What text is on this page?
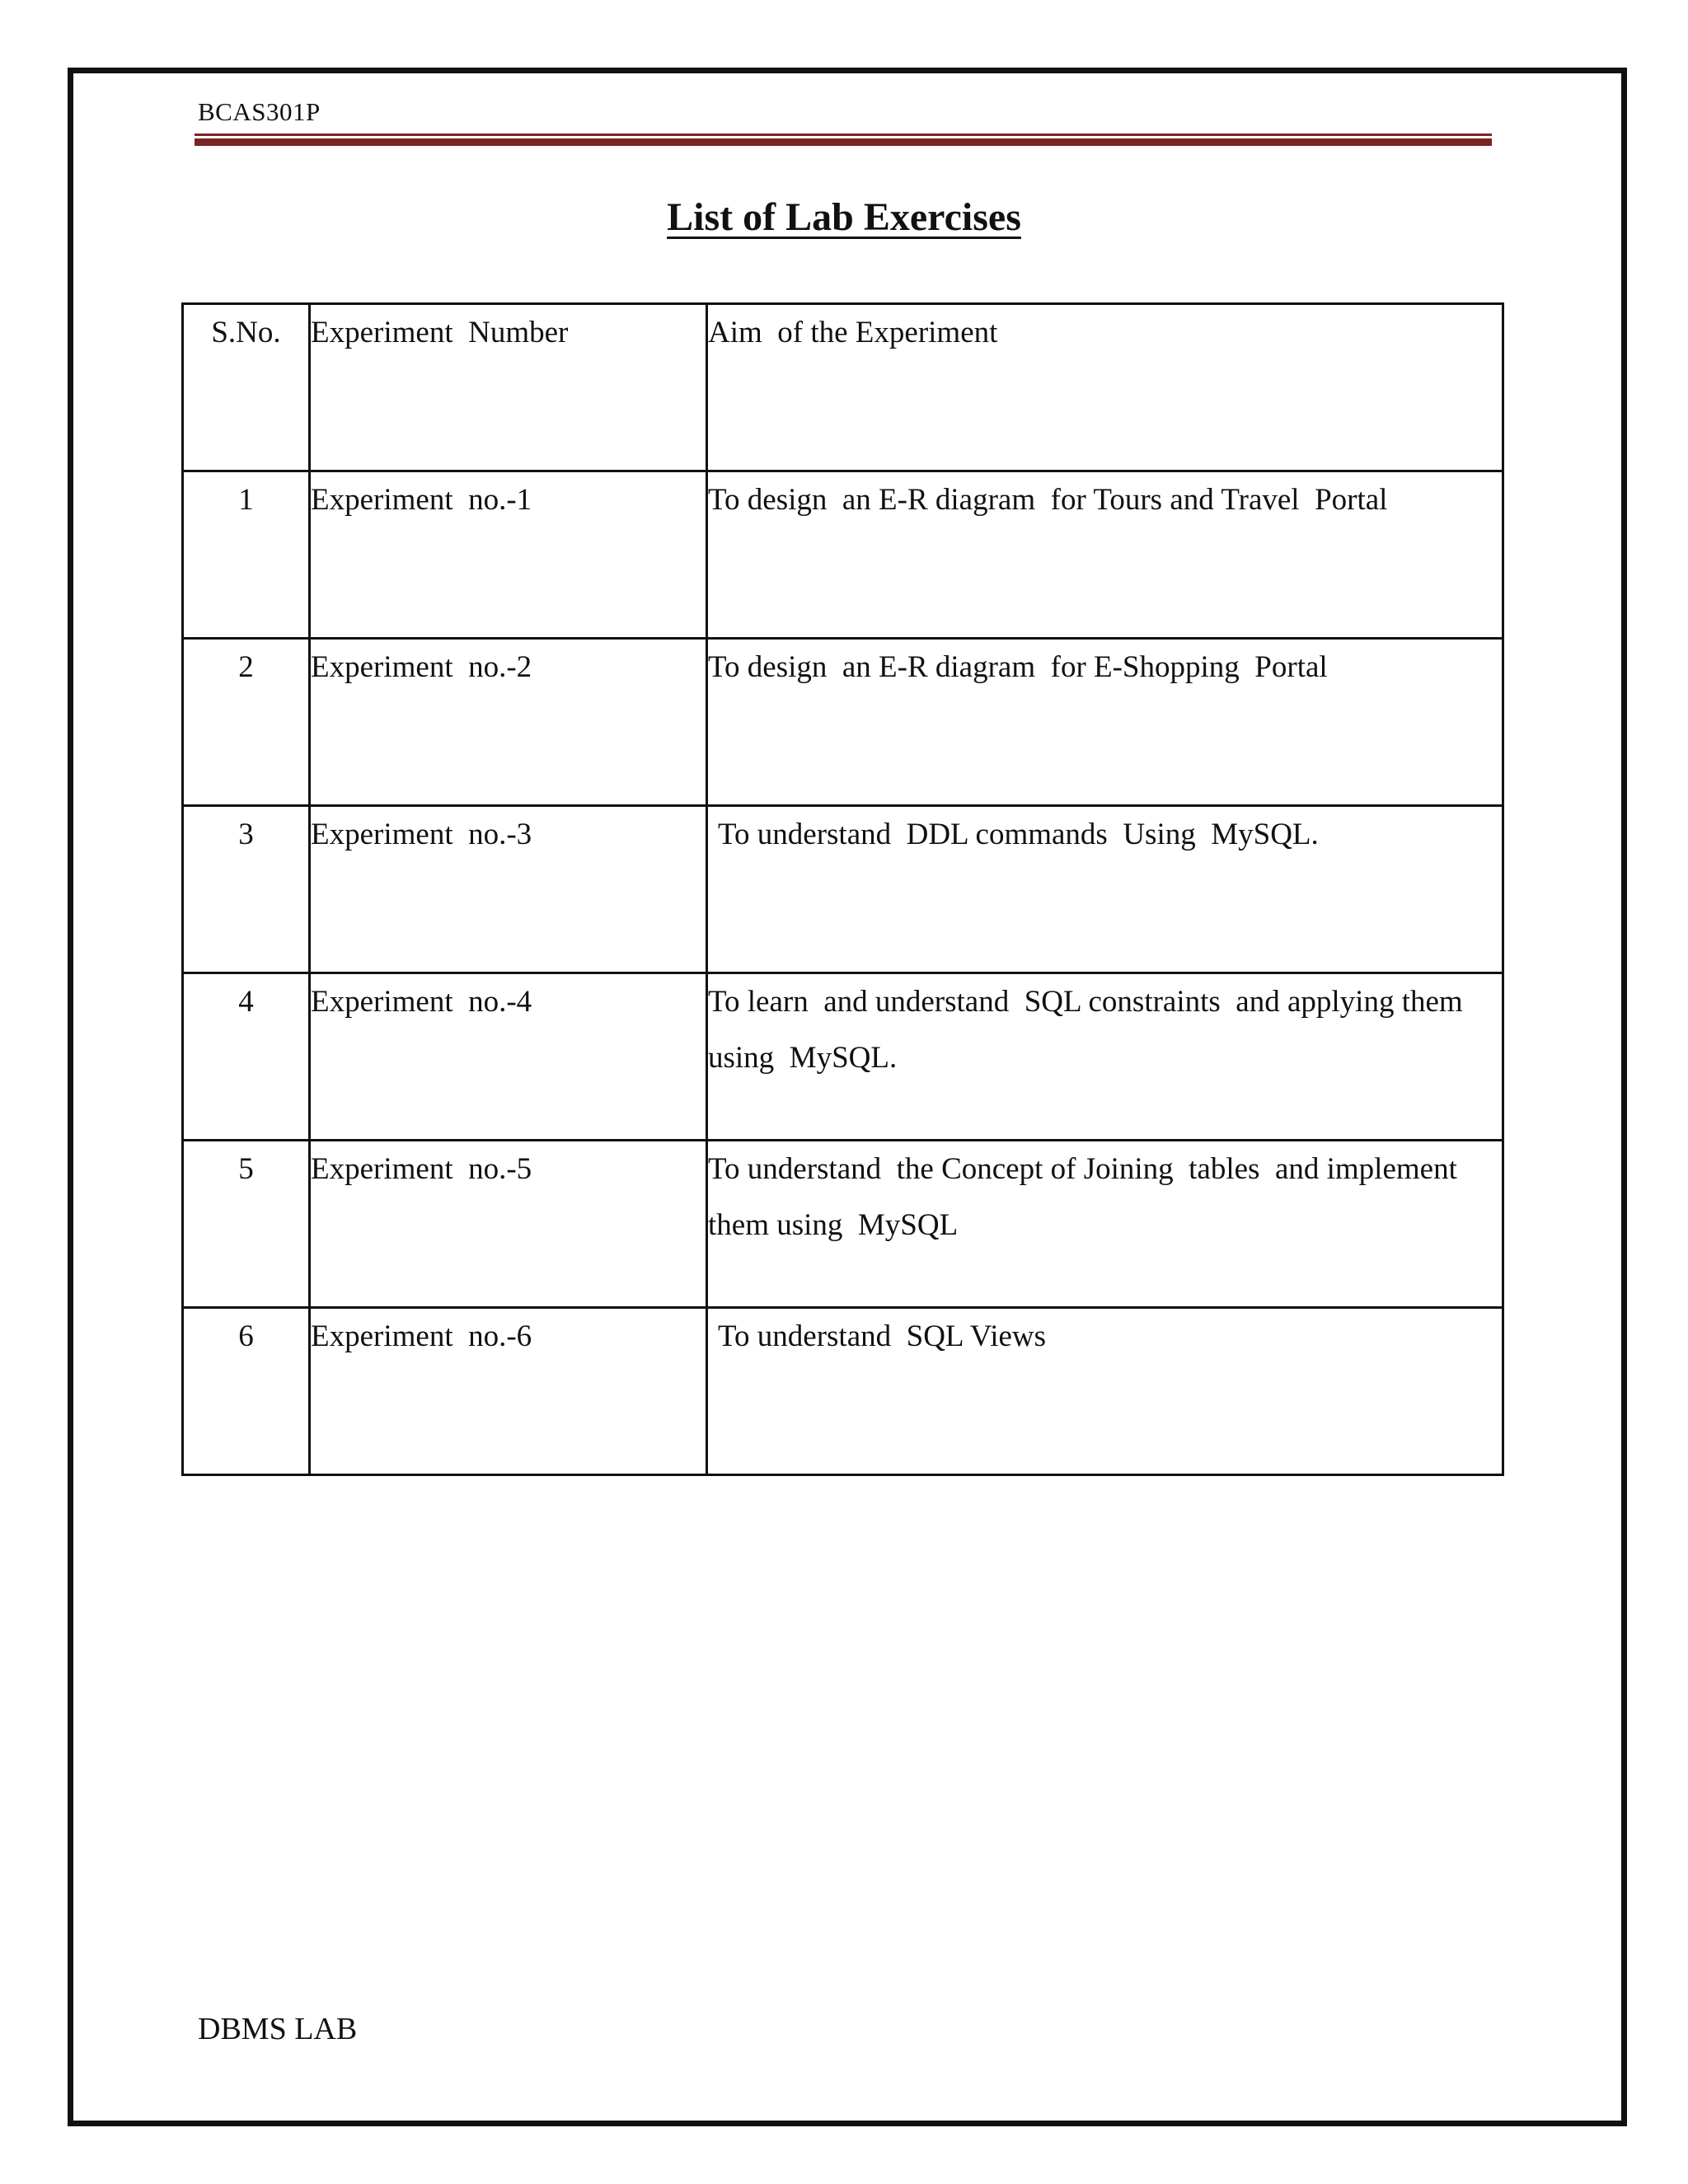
BCAS301P
List of Lab Exercises
S.No.	Experiment  Number	Aim  of the Experiment
1	Experiment  no.-1	To design  an E-R diagram  for Tours and Travel  Portal
2	Experiment  no.-2	To design  an E-R diagram  for E-Shopping  Portal
3	Experiment  no.-3	To understand  DDL commands  Using  MySQL.
4	Experiment  no.-4	To learn  and understand  SQL constraints  and applying them using  MySQL.
5	Experiment  no.-5	To understand  the Concept of Joining  tables  and implement  them using  MySQL
6	Experiment  no.-6	To understand  SQL Views
DBMS LAB
